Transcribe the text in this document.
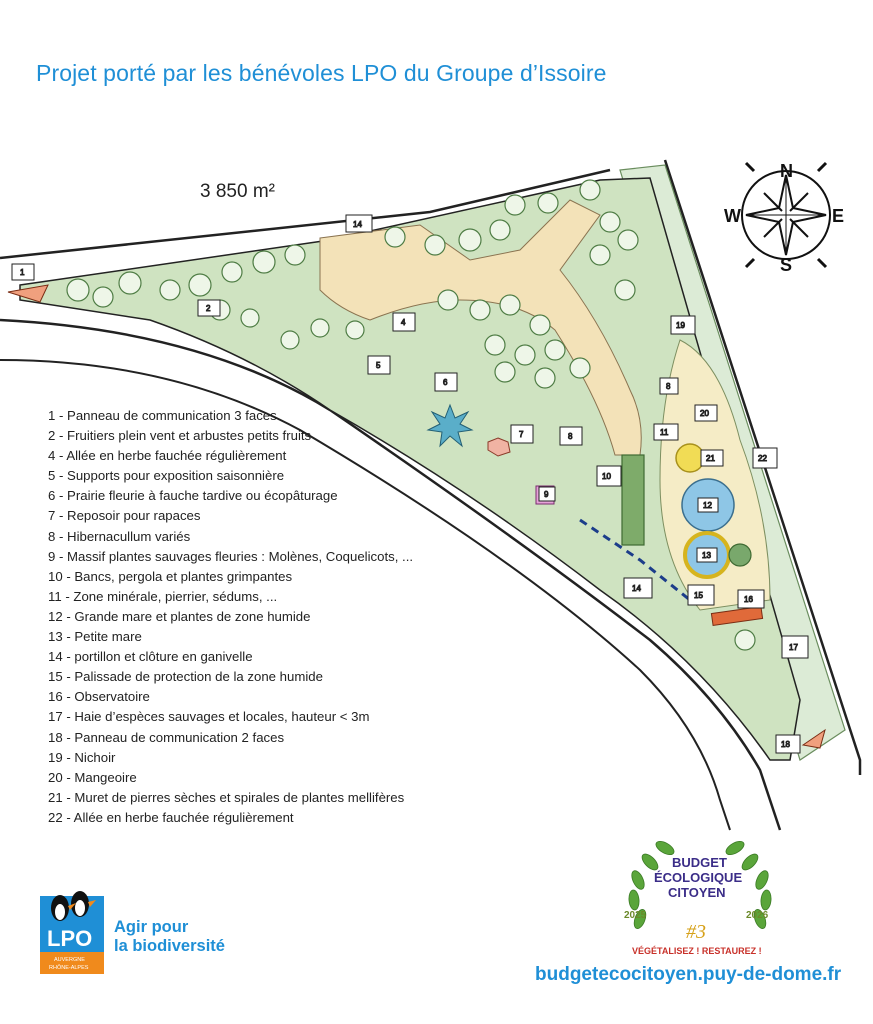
Projet porté par les bénévoles LPO du Groupe d’Issoire
3 850 m²
N
S
E
W
1
2
14
4
5
6
7	8
9
10
19
8
20
11
21	22
12
13
14
15	16
17
18
1 - Panneau de communication 3 faces
2 - Fruitiers plein vent et arbustes petits fruits
4 - Allée en herbe fauchée régulièrement
5 - Supports pour exposition saisonnière
6 - Prairie fleurie à fauche tardive ou écopâturage
7 - Reposoir pour rapaces
8 - Hibernacullum variés
9 - Massif plantes sauvages fleuries : Molènes, Coquelicots, ...
10 - Bancs, pergola et plantes grimpantes
11 - Zone minérale, pierrier, sédums, ...
12 - Grande mare et plantes de zone humide
13 - Petite mare
14 - portillon et clôture en ganivelle
15 - Palissade de protection de la zone humide
16 - Observatoire
17 - Haie d’espèces sauvages et locales, hauteur < 3m
18 - Panneau de communication 2 faces
19 - Nichoir
20 - Mangeoire
21 - Muret de pierres sèches et spirales de plantes mellifères
22 - Allée en herbe fauchée régulièrement
LPO
AUVERGNE
RHÔNE-ALPES
Agir pour
la biodiversité
BUDGET
ÉCOLOGIQUE
CITOYEN
2025	2026
#3
VÉGÉTALISEZ ! RESTAUREZ !
budgetecocitoyen.puy-de-dome.fr
